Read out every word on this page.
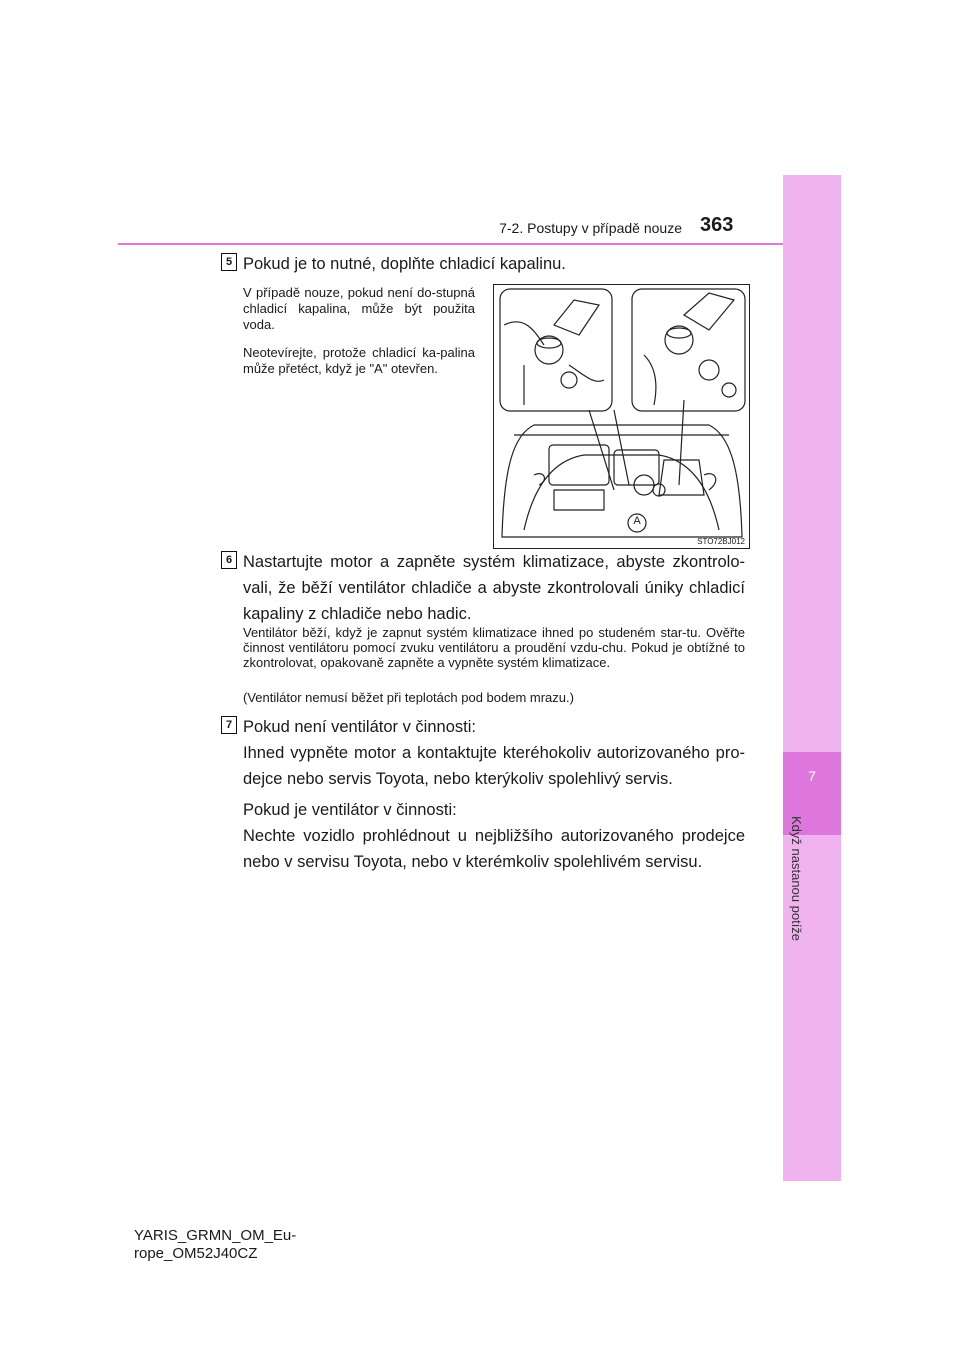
7-2. Postupy v případě nouze 363
7
Když nastanou potíže
5 Pokud je to nutné, doplňte chladicí kapalinu.
V případě nouze, pokud není do-stupná chladicí kapalina, může být použita voda.
Neotevírejte, protože chladicí ka-palina může přetéct, když je "A" otevřen.
A
STO72BJ012
6 Nastartujte motor a zapněte systém klimatizace, abyste zkontrolo-vali, že běží ventilátor chladiče a abyste zkontrolovali úniky chladicí kapaliny z chladiče nebo hadic.
Ventilátor běží, když je zapnut systém klimatizace ihned po studeném star-tu. Ověřte činnost ventilátoru pomocí zvuku ventilátoru a proudění vzdu-chu. Pokud je obtížné to zkontrolovat, opakovaně zapněte a vypněte systém klimatizace.
(Ventilátor nemusí běžet při teplotách pod bodem mrazu.)
7 Pokud není ventilátor v činnosti:
Ihned vypněte motor a kontaktujte kteréhokoliv autorizovaného pro-dejce nebo servis Toyota, nebo kterýkoliv spolehlivý servis.
Pokud je ventilátor v činnosti:
Nechte vozidlo prohlédnout u nejbližšího autorizovaného prodejce nebo v servisu Toyota, nebo v kterémkoliv spolehlivém servisu.
YARIS_GRMN_OM_Eu-
rope_OM52J40CZ
